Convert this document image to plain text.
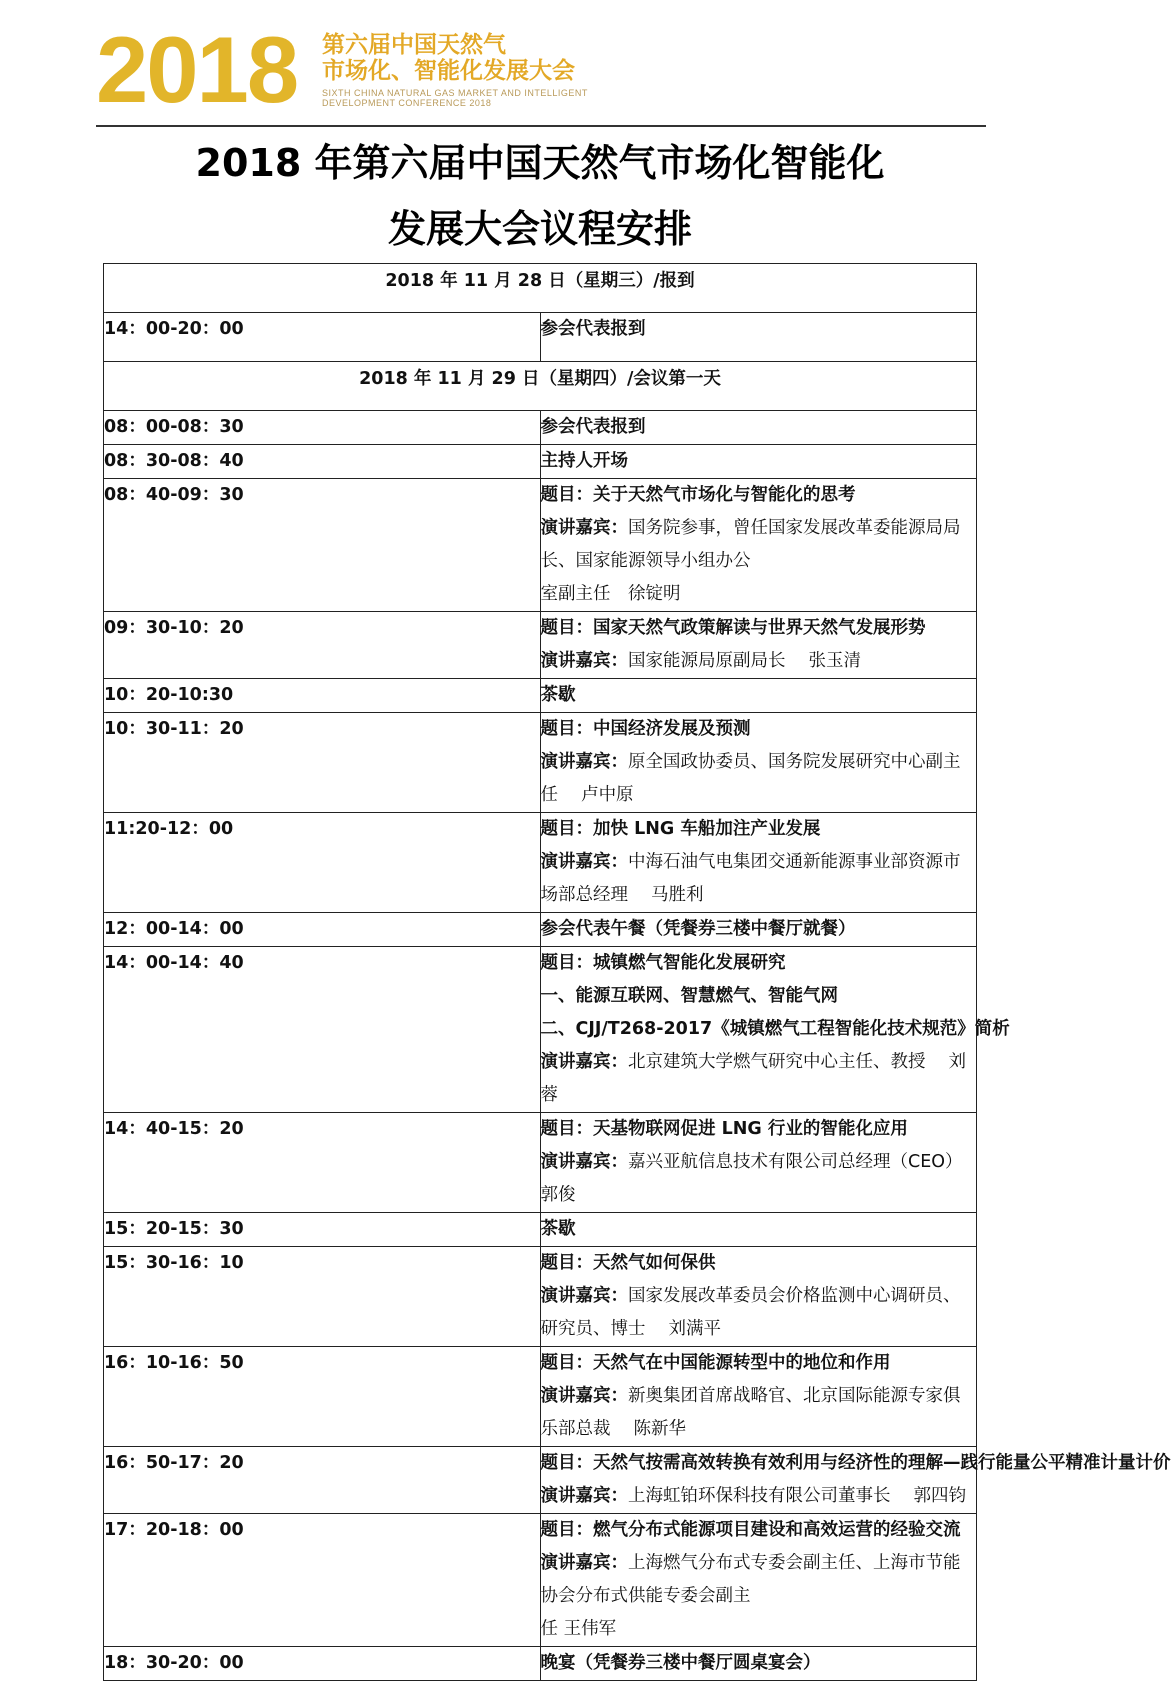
2018 第六届中国天然气
市场化、智能化发展大会
SIXTH CHINA NATURAL GAS MARKET AND INTELLIGENT
DEVELOPMENT CONFERENCE 2018
2018 年第六届中国天然气市场化智能化
发展大会议程安排
2018 年 11 月 28 日（星期三）/报到	
14：00-20：00	参会代表报到

2018 年 11 月 29 日（星期四）/会议第一天	
08：00-08：30	参会代表报到

08：30-08：40	主持人开场

08：40-09：30	题目：关于天然气市场化与智能化的思考
演讲嘉宾：国务院参事，曾任国家发展改革委能源局局长、国家能源领导小组办公
室副主任　徐锭明

09：30-10：20	题目：国家天然气政策解读与世界天然气发展形势
演讲嘉宾：国家能源局原副局长　 张玉清

10：20-10:30	茶歇

10：30-11：20	题目：中国经济发展及预测
演讲嘉宾：原全国政协委员、国务院发展研究中心副主任　 卢中原

11:20-12：00	题目：加快 LNG 车船加注产业发展
演讲嘉宾：中海石油气电集团交通新能源事业部资源市场部总经理　 马胜利

12：00-14：00	参会代表午餐（凭餐券三楼中餐厅就餐）

14：00-14：40	题目：城镇燃气智能化发展研究
一、能源互联网、智慧燃气、智能气网
二、CJJ/T268-2017《城镇燃气工程智能化技术规范》简析
演讲嘉宾：北京建筑大学燃气研究中心主任、教授　 刘蓉

14：40-15：20	题目：天基物联网促进 LNG 行业的智能化应用
演讲嘉宾：嘉兴亚航信息技术有限公司总经理（CEO）　　郭俊

15：20-15：30	茶歇

15：30-16：10	题目：天然气如何保供
演讲嘉宾：国家发展改革委员会价格监测中心调研员、研究员、博士　 刘满平

16：10-16：50	题目：天然气在中国能源转型中的地位和作用
演讲嘉宾：新奥集团首席战略官、北京国际能源专家俱乐部总裁　 陈新华

16：50-17：20	题目：天然气按需高效转换有效利用与经济性的理解—践行能量公平精准计量计价
演讲嘉宾：上海虹铂环保科技有限公司董事长　 郭四钧

17：20-18：00	题目：燃气分布式能源项目建设和高效运营的经验交流
演讲嘉宾：上海燃气分布式专委会副主任、上海市节能协会分布式供能专委会副主
任 王伟军

18：30-20：00	晚宴（凭餐券三楼中餐厅圆桌宴会）
